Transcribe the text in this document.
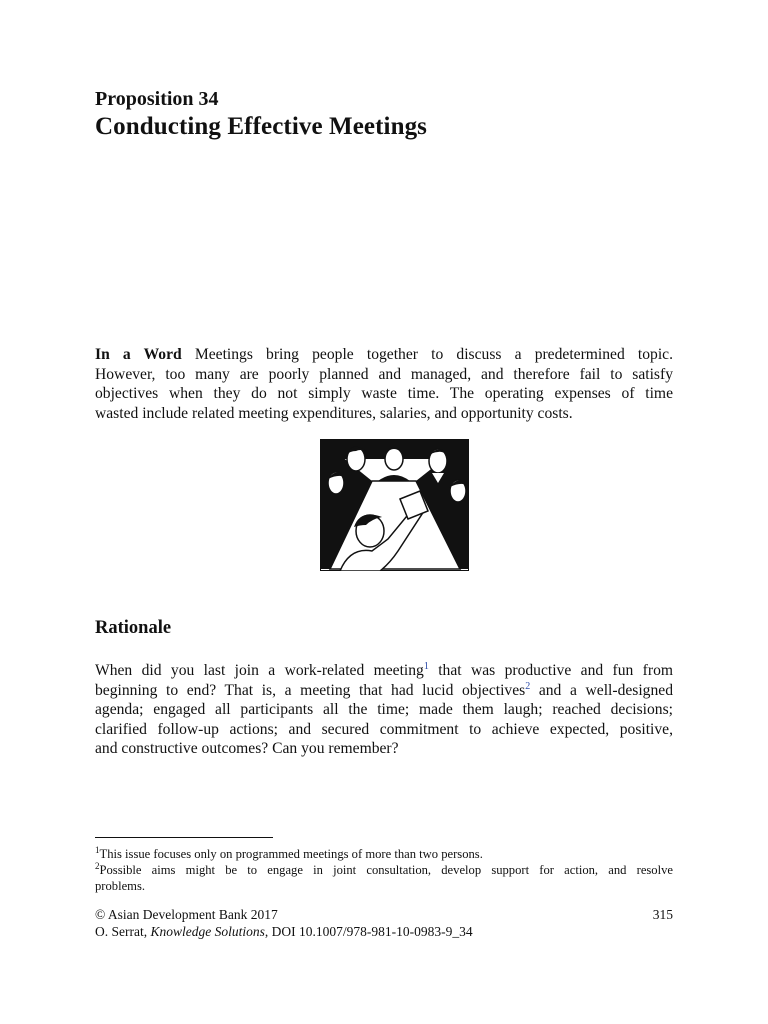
Proposition 34
Conducting Effective Meetings
In a Word Meetings bring people together to discuss a predetermined topic.
However, too many are poorly planned and managed, and therefore fail to satisfy
objectives when they do not simply waste time. The operating expenses of time
wasted include related meeting expenditures, salaries, and opportunity costs.
Rationale
When did you last join a work-related meeting$^1$ that was productive and fun from
beginning to end? That is, a meeting that had lucid objectives$^2$ and a well-designed
agenda; engaged all participants all the time; made them laugh; reached decisions;
clarified follow-up actions; and secured commitment to achieve expected, positive,
and constructive outcomes? Can you remember?

$^1$This issue focuses only on programmed meetings of more than two persons.

$^2$Possible aims might be to engage in joint consultation, develop support for action, and resolve
problems.

© Asian Development Bank 2017	315

O. Serrat, Knowledge Solutions, DOI 10.1007/978-981-10-0983-9_34
